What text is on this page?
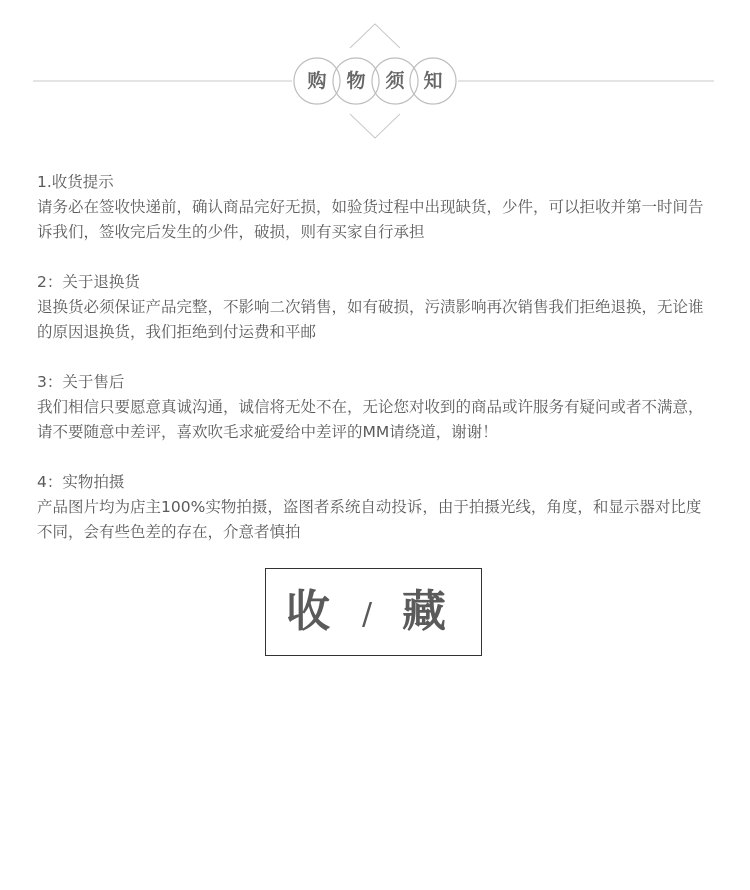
购	物	须 知
1.收货提示
请务必在签收快递前，确认商品完好无损，如验货过程中出现缺货，少件，可以拒收并第一时间告诉我们，签收完后发生的少件，破损，则有买家自行承担
2：关于退换货
退换货必须保证产品完整，不影响二次销售，如有破损，污渍影响再次销售我们拒绝退换，无论谁的原因退换货，我们拒绝到付运费和平邮
3：关于售后
我们相信只要愿意真诚沟通，诚信将无处不在，无论您对收到的商品或许服务有疑问或者不满意，请不要随意中差评，喜欢吹毛求疵爱给中差评的MM请绕道，谢谢！
4：实物拍摄
产品图片均为店主100%实物拍摄，盗图者系统自动投诉，由于拍摄光线，角度，和显示器对比度不同，会有些色差的存在，介意者慎拍
收 / 藏
